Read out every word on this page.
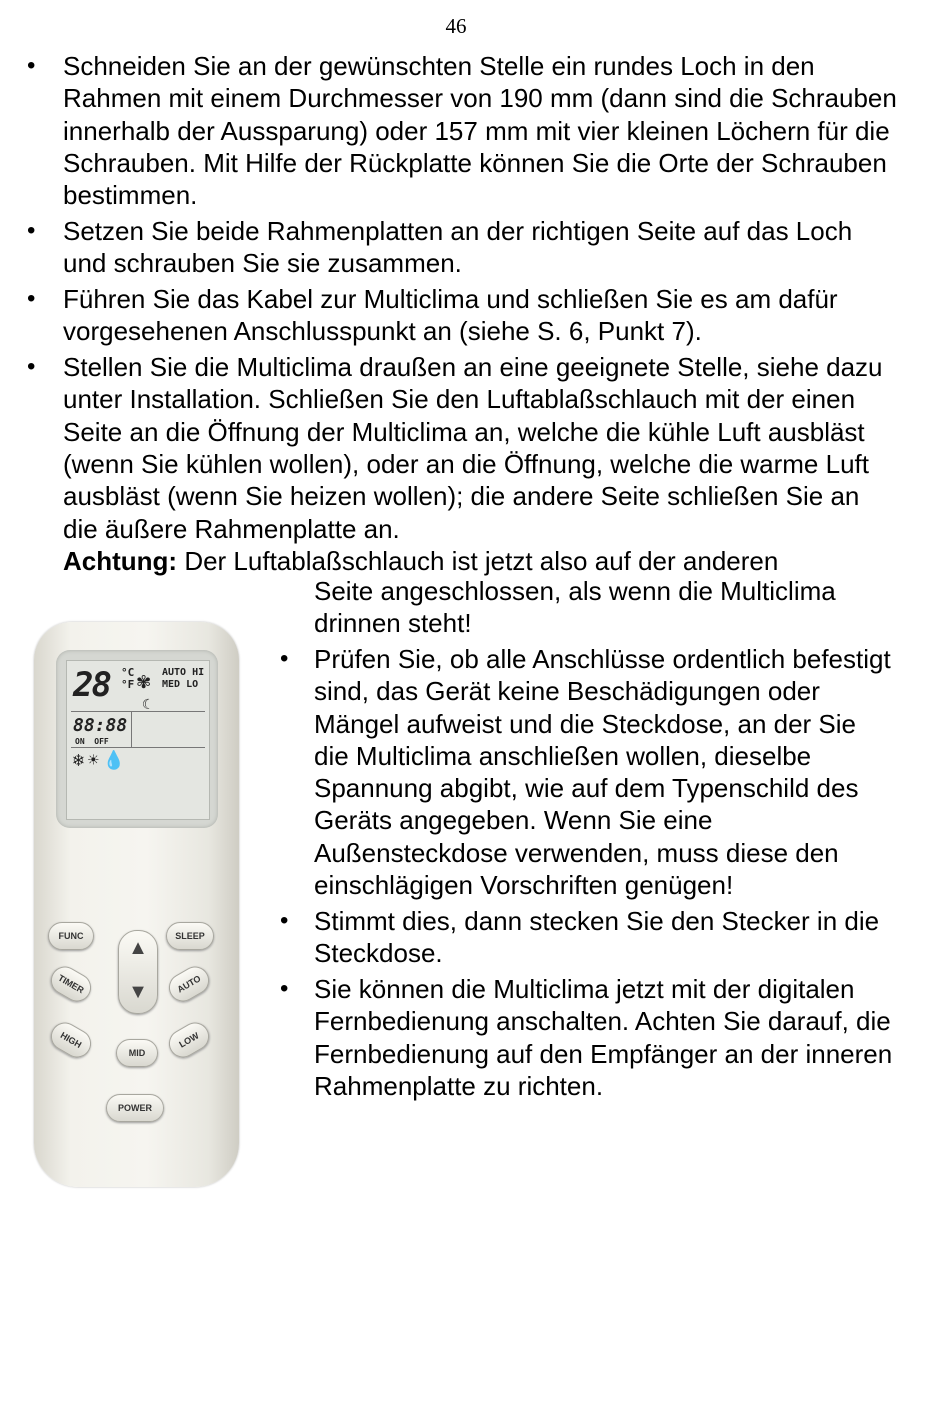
46
• Schneiden Sie an der gewünschten Stelle ein rundes Loch in den Rahmen mit einem Durchmesser von 190 mm (dann sind die Schrauben innerhalb der Aussparung) oder 157 mm mit vier kleinen Löchern für die Schrauben. Mit Hilfe der Rückplatte können Sie die Orte der Schrauben bestimmen.
• Setzen Sie beide Rahmenplatten an der richtigen Seite auf das Loch und schrauben Sie sie zusammen.
• Führen Sie das Kabel zur Multiclima und schließen Sie es am dafür vorgesehenen Anschlusspunkt an (siehe S. 6, Punkt 7).
• Stellen Sie die Multiclima draußen an eine geeignete Stelle, siehe dazu unter Installation. Schließen Sie den Luftablaßschlauch mit der einen Seite an die Öffnung der Multiclima an, welche die kühle Luft ausbläst (wenn Sie kühlen wollen), oder an die Öffnung, welche die warme Luft ausbläst (wenn Sie heizen wollen); die andere Seite schließen Sie an die äußere Rahmenplatte an.
Achtung: Der Luftablaßschlauch ist jetzt also auf der anderen
Seite angeschlossen, als wenn die Multiclima drinnen steht!
28 °C
°F ✾ AUTO HI
MED LO
☾
88:88
ON OFF
❄☀💧
FUNC	SLEEP
▲
▼
TIMER	AUTO
HIGH
MID
LOW
POWER
• Prüfen Sie, ob alle Anschlüsse ordentlich befestigt sind, das Gerät keine Beschädigungen oder Mängel aufweist und die Steckdose, an der Sie die Multiclima anschließen wollen, dieselbe Spannung abgibt, wie auf dem Typenschild des Geräts angegeben. Wenn Sie eine Außensteckdose verwenden, muss diese den einschlägigen Vorschriften genügen!
• Stimmt dies, dann stecken Sie den Stecker in die Steckdose.
• Sie können die Multiclima jetzt mit der digitalen Fernbedienung anschalten. Achten Sie darauf, die Fernbedienung auf den Empfänger an der inneren Rahmenplatte zu richten.
